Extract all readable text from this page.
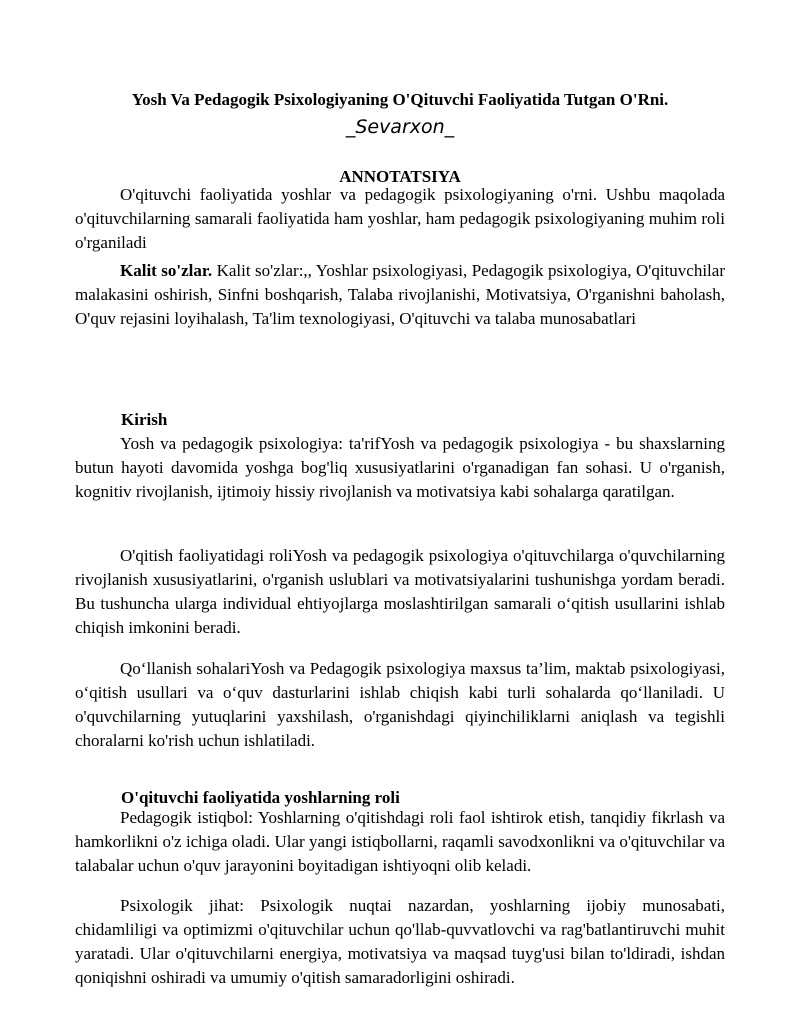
Yosh Va Pedagogik Psixologiyaning O'Qituvchi Faoliyatida Tutgan O'Rni.
_Sevarxon_
ANNOTATSIYA

O'qituvchi faoliyatida yoshlar va pedagogik psixologiyaning o'rni. Ushbu maqolada o'qituvchilarning samarali faoliyatida ham yoshlar, ham pedagogik psixologiyaning muhim roli o'rganiladi

Kalit so'zlar. Kalit so'zlar:,, Yoshlar psixologiyasi, Pedagogik psixologiya, O'qituvchilar malakasini oshirish, Sinfni boshqarish, Talaba rivojlanishi, Motivatsiya, O'rganishni baholash, O'quv rejasini loyihalash, Ta'lim texnologiyasi, O'qituvchi va talaba munosabatlari

Kirish

Yosh va pedagogik psixologiya: ta'rifYosh va pedagogik psixologiya - bu shaxslarning butun hayoti davomida yoshga bog'liq xususiyatlarini o'rganadigan fan sohasi. U o'rganish, kognitiv rivojlanish, ijtimoiy hissiy rivojlanish va motivatsiya kabi sohalarga qaratilgan.

O'qitish faoliyatidagi roliYosh va pedagogik psixologiya o'qituvchilarga o'quvchilarning rivojlanish xususiyatlarini, o'rganish uslublari va motivatsiyalarini tushunishga yordam beradi. Bu tushuncha ularga individual ehtiyojlarga moslashtirilgan samarali o‘qitish usullarini ishlab chiqish imkonini beradi.

Qo‘llanish sohalariYosh va Pedagogik psixologiya maxsus ta’lim, maktab psixologiyasi, o‘qitish usullari va o‘quv dasturlarini ishlab chiqish kabi turli sohalarda qo‘llaniladi. U o'quvchilarning yutuqlarini yaxshilash, o'rganishdagi qiyinchiliklarni aniqlash va tegishli choralarni ko'rish uchun ishlatiladi.

O'qituvchi faoliyatida yoshlarning roli

Pedagogik istiqbol: Yoshlarning o'qitishdagi roli faol ishtirok etish, tanqidiy fikrlash va hamkorlikni o'z ichiga oladi. Ular yangi istiqbollarni, raqamli savodxonlikni va o'qituvchilar va talabalar uchun o'quv jarayonini boyitadigan ishtiyoqni olib keladi.

Psixologik jihat: Psixologik nuqtai nazardan, yoshlarning ijobiy munosabati, chidamliligi va optimizmi o'qituvchilar uchun qo'llab-quvvatlovchi va rag'batlantiruvchi muhit yaratadi. Ular o'qituvchilarni energiya, motivatsiya va maqsad tuyg'usi bilan to'ldiradi, ishdan qoniqishni oshiradi va umumiy o'qitish samaradorligini oshiradi.
